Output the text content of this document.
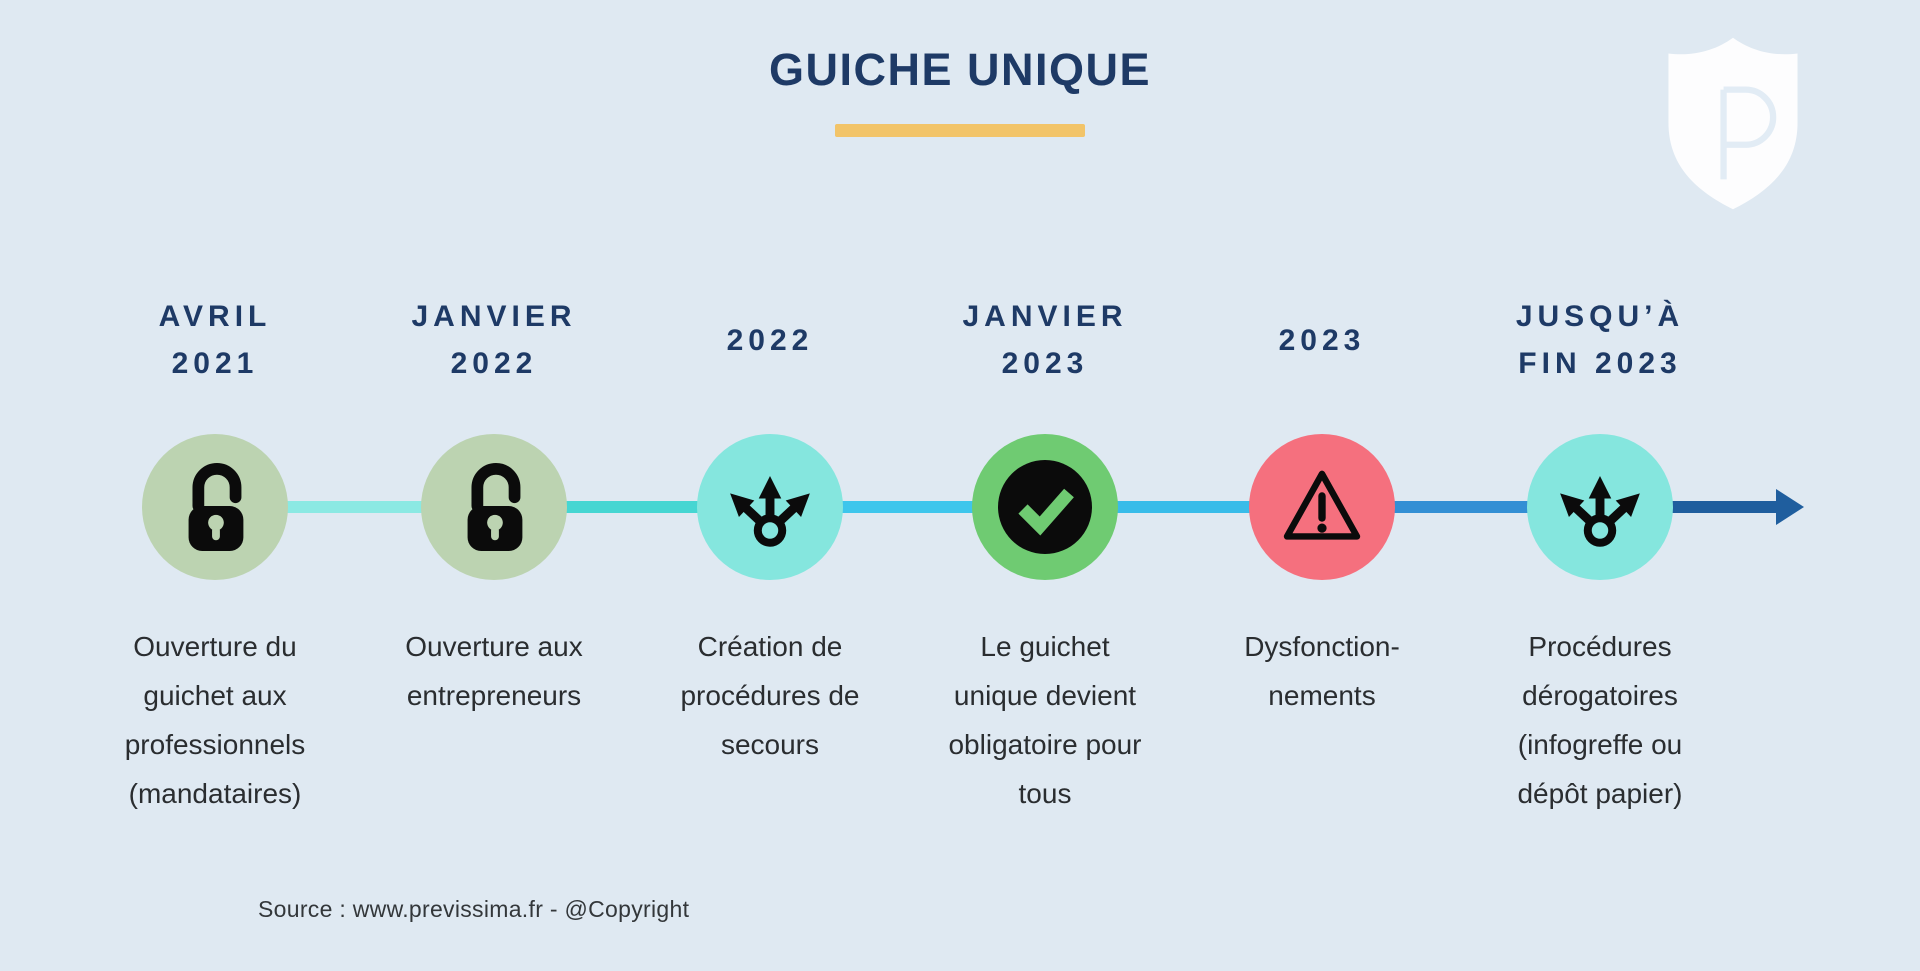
GUICHE UNIQUE
AVRIL
2021
JANVIER
2022
2022
JANVIER
2023
2023
JUSQU’À
FIN 2023
Ouverture du guichet aux professionnels (mandataires)
Ouverture aux entrepreneurs
Création de procédures de secours
Le guichet unique devient obligatoire pour tous
Dysfonction-nements
Procédures dérogatoires (infogreffe ou dépôt papier)
Source : www.previssima.fr - @Copyright
